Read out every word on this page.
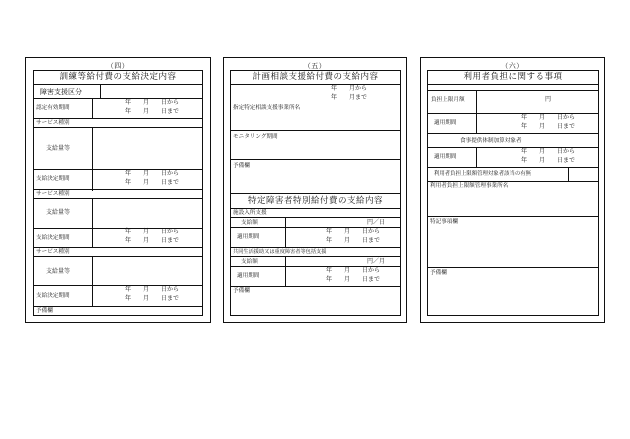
（四）
訓練等給付費の支給決定内容
障害支援区分
認定有効期間
年　　月　　日から
年　　月　　日まで
サービス種別
支給量等
支給決定期間
年　　月　　日から
年　　月　　日まで
サービス種別
支給量等
支給決定期間
年　　月　　日から
年　　月　　日まで
サービス種別
支給量等
支給決定期間
年　　月　　日から
年　　月　　日まで
予備欄
（五）
計画相談支援給付費の支給内容
年　　月から
年　　月まで
指定特定相談支援事業所名
モニタリング期間
予備欄
特定障害者特別給付費の支給内容
施設入所支援
支給額	円／日
適用期間
年　　月　　日から
年　　月　　日まで
共同生活援助又は重度障害者等包括支援
支給額	円／月
適用期間
年　　月　　日から
年　　月　　日まで
予備欄
（六）
利用者負担に関する事項
負担上限月額	円
適用期間
年　　月　　日から
年　　月　　日まで
食事提供体制加算対象者
適用期間
年　　月　　日から
年　　月　　日まで
利用者負担上限額管理対象者該当の有無
利用者負担上限額管理事業所名
特記事項欄
予備欄
